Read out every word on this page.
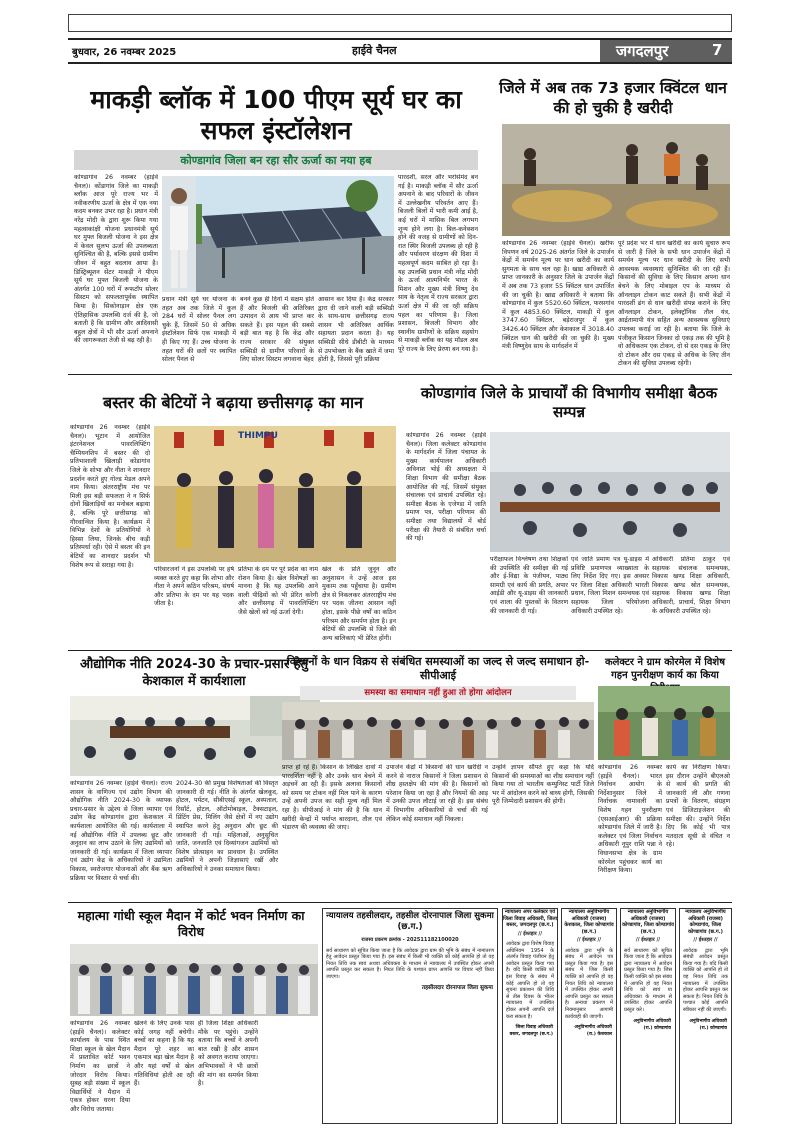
बुधवार, 26 नवम्बर 2025	हाईवे चैनल	जगदलपुर	7
माकड़ी ब्लॉक में 100 पीएम सूर्य घर का सफल इंस्टॉलेशन
कोण्डागांव जिला बन रहा सौर ऊर्जा का नया हब
कोण्डागांव 26 नवम्बर (हाईवे चैनल)। कोंडागांव जिले का माकड़ी ब्लॉक आज पूरे राज्य भर में नवीकरणीय ऊर्जा के क्षेत्र में एक नया कदम बनकर उभर रहा है। प्रधान मंत्री नरेंद्र मोदी के द्वारा शुरू किया गया महत्वाकांक्षी योजना प्रधानमंत्री सूर्य घर मुफ्त बिजली योजना ने इस क्षेत्र में केवल सुलभ ऊर्जा की उपलब्धता सुनिश्चित की है, बल्कि इससे ग्रामीण जीवन में बहुत बदलाव आया है। डिस्ट्रिब्यूशन सेंटर माकड़ी ने पीएम सूर्य घर मुफ्त बिजली योजना के अंतर्गत 100 घरों में रूफटॉप सोलर सिस्टम को सफलतापूर्वक स्थापित किया है। सिकोनाड़ान क्षेत्र एक ऐतिहासिक उपलब्धि दर्ज की है, जो बताती है कि ग्रामीण और आदिवासी बहुल क्षेत्रों में भी सौर ऊर्जा अपनाने की जागरूकता तेजी से बढ़ रही है।
प्रधान मंत्री सूर्य घर योजना के तहत अब तक जिले में कुल 284 घरों में सोलर पैनल लग चुके हैं, जिसमें 50 से अधिक इंस्टॉलेशन सिर्फ एक माकड़ी में ही किए गए हैं। उच्च योजना के तहत घरों की छतों पर स्थापित सोलर पैनल से
बनने कुछ ही दिनों में सक्षम होते हैं और बिजली की अतिरिक्त उत्पादन से आय भी प्राप्त कर सकते हैं। इस पहल की सबसे बड़ी बात यह है कि केंद्र और राज्य सरकार की संयुक्त सब्सिडी से ग्रामीण परिवारों के लिए सोलर सिस्टम लगवाना बेहद
आसान कर दिया है। केंद्र सरकार द्वारा दी जाने वाली बड़ी सब्सिडी के साथ-साथ छत्तीसगढ़ राज्य शासन भी अतिरिक्त आर्थिक सहायता प्रदान करता है। यह सब्सिडी सीधे डीबीटी के माध्यम से उपभोक्ता के बैंक खाते में जमा होती है, जिससे पूरी प्रक्रिया
पारदर्शी, सरल और भरोसेमंद बन गई है। माकड़ी ब्लॉक में सौर ऊर्जा अपनाने के बाद परिवारों के जीवन में उल्लेखनीय परिवर्तन आए हैं। बिजली बिलों में भारी कमी आई है, कई घरों में मासिक बिल लगभग शून्य होने लगा है। बिल-कनेक्शन होने की वजह से ग्रामीणों को दिन-रात स्थिर बिजली उपलब्ध हो रही है और पर्यावरण संरक्षण की दिशा में महत्वपूर्ण कदम साबित हो रहा है। यह उपलब्धि प्रधान मंत्री नरेंद्र मोदी के ऊर्जा आत्मनिर्भर भारत के मिशन और मुख्य मंत्री विष्णु देव साय के नेतृत्व में राज्य सरकार द्वारा ऊर्जा क्षेत्र में की जा रही सक्रिय पहल का परिणाम है। जिला प्रशासन, बिजली विभाग और स्थानीय ग्रामीणों के सक्रिय सहयोग से माकड़ी ब्लॉक का यह मॉडल अब पूरे राज्य के लिए प्रेरणा बन गया है।
जिले में अब तक 73 हजार क्विंटल धान की हो चुकी है खरीदी
कोण्डागांव 26 नवम्बर (हाईवे चैनल)। खरीफ विपणन वर्ष 2025-26 अंतर्गत जिले के उपार्जन केंद्रों में समर्थन मूल्य पर धान खरीदी का कार्य सुगमता के साथ चल रहा है। खाद्य अधिकारी से प्राप्त जानकारी के अनुसार जिले के उपार्जन केंद्रों में अब तक 73 हजार 55 क्विंटल धान उपार्जित की जा चुकी है। खाद्य अधिकारी ने बताया कि कोण्डागांव में कुल 5520.60 क्विंटल, फरसगांव में कुल 4853.60 क्विंटल, माकड़ी में कुल 3747.60 क्विंटल, बड़ेराजपुर में कुल 3426.40 क्विंटल और केशकाल में 3018.40 क्विंटल धान की खरीदी की जा चुकी है। मुख्य मंत्री विष्णुदेव साय के मार्गदर्शन में
पूरे प्रदेश भर में धान खरीदी का कार्य सुचारु रूप से जारी है जिले के सभी धान उपार्जन केंद्रों में समर्थन मूल्य पर धान खरीदी के लिए सभी आवश्यक व्यवस्थाएं सुनिश्चित की जा रही हैं। किसानों की सुविधा के लिए किसान अपना धान बेचने के लिए मोबाइल एप के माध्यम से ऑनलाइन टोकन काट सकते हैं। सभी केंद्रों में पारदर्शी ढंग से धान खरीदी संपन्न कराने के लिए ऑनलाइन टोकन, इलेक्ट्रॉनिक तौल यंत्र, आर्द्रतामापी यंत्र सहित अन्य आवश्यक सुविधाएं उपलब्ध कराई जा रही है। बताया कि जिले के पंजीकृत किसान जिनका दो एकड़ तक की भूमि है वो अधिकतम एक टोकन, दो से दस एकड़ के लिए दो टोकन और दस एकड़ से अधिक के लिए तीन टोकन की सुविधा उपलब्ध रहेगी।
बस्तर की बेटियों ने बढ़ाया छत्तीसगढ़ का मान
कोण्डागांव 26 नवम्बर (हाईवे चैनल)। भूटान में आयोजित इंटरनेशनल पावरलिफ्टिंग चैम्पियनशिप में बस्तर की दो प्रतिभाशाली खिलाड़ी कोंडागांव जिले के शोभा और नीता ने शानदार प्रदर्शन करते हुए गोल्ड मेडल अपने नाम किया। अंतरराष्ट्रीय मंच पर मिली इस बड़ी सफलता ने न सिर्फ दोनों खिलाड़ियों का मनोबल बढ़ाया है, बल्कि पूरे छत्तीसगढ़ को गौरवान्वित किया है। कार्यक्रम में विभिन्न देशों के प्रतियोगियों ने हिस्सा लिया, जिनके बीच कड़ी प्रतिस्पर्धा रही। ऐसे में बस्तर की इन बेटियों का शानदार प्रदर्शन भी विशेष रूप से सराहा गया है।
THIMPU
खेल के प्रति जुनून और अनुशासन ने उन्हें आज इस मुकाम तक पहुँचाया है। ग्रामीण क्षेत्र से निकलकर अंतरराष्ट्रीय मंच पर पदक जीतना आसान नहीं होता, इसके पीछे वर्षों का कठिन परिश्रम और समर्पण होता है। इन बेटियों की उपलब्धि से जिले की अन्य बालिकाएं भी प्रेरित होंगी।
परिवारजनों ने इस उपलब्धि पर हर्ष व्यक्त करते हुए कहा कि शोभा और नीता ने अपने कठिन परिश्रम, संघर्ष और प्रतिभा के दम पर यह पदक जीता है।
प्रतिभा के दम पर पूरे प्रदेश का नाम रोशन किया है। खेल विशेषज्ञों का मानना है कि यह उपलब्धि आने वाली पीढ़ियों को भी प्रेरित करेगी और छत्तीसगढ़ में पावरलिफ्टिंग जैसे खेलों को नई ऊर्जा देगी।
कोण्डागांव जिले के प्राचार्यों की विभागीय समीक्षा बैठक सम्पन्न
कोण्डागांव 26 नवम्बर (हाईवे चैनल)। जिला कलेक्टर कोण्डागांव के मार्गदर्शन में जिला पंचायत के मुख्य कार्यपालन अधिकारी अविनाश भोई की अध्यक्षता में शिक्षा विभाग की समीक्षा बैठक आयोजित की गई, जिसमें संयुक्त संचालक एवं प्राचार्य उपस्थित रहे। समीक्षा बैठक के एजेण्डा में जाति प्रमाण पत्र, परीक्षा परिणाम की समीक्षा तथा विद्यालयों में बोर्ड परीक्षा की तैयारी से संबंधित चर्चा की गई।
परीक्षाफल विश्लेषण तथा शिक्षकों की उपस्थिति की समीक्षा की गई और ई-विद्या के पंजीयन, पाठ्य सामग्री एवं कार्य की प्रगति, अपार आईडी और यू-डाइस की जानकारी एवं शाला की पुस्तकों के वितरण की जानकारी दी गई।
एवं जाति प्रमाण पत्र यू-डाइस में प्रविष्टि प्रमाणपत्र व्याख्याता के लिए निर्देश दिए गए। इस अवसर पर जिला शिक्षा अधिकारी भारती प्रधान, जिला मिशन समन्वयक एवं सहायक जिला परियोजना अधिकारी उपस्थित रहे।
अधिकारी प्रतिमा ठाकुर एवं सहायक संचालक समन्वयक, विकास खण्ड शिक्षा अधिकारी, विकास खण्ड स्रोत समन्वयक, सहायक विकास खण्ड शिक्षा अधिकारी, प्राचार्य, शिक्षा विभाग के अधिकारी उपस्थित रहे।
औद्योगिक नीति 2024-30 के प्रचार-प्रसार हेतु केशकाल में कार्यशाला
कोण्डागांव 26 नवम्बर (हाईवे चैनल)। राज्य शासन के वाणिज्य एवं उद्योग विभाग की औद्योगिक नीति 2024-30 के व्यापक प्रचार-प्रसार के उद्देश्य से जिला व्यापार एवं उद्योग केंद्र कोण्डागांव द्वारा केशकाल में कार्यशाला आयोजित की गई। कार्यशाला में नई औद्योगिक नीति में उपलब्ध छूट और अनुदान का लाभ उठाने के लिए उद्यमियों को जानकारी दी गई। कार्यक्रम में जिला व्यापार एवं उद्योग केंद्र के अधिकारियों ने उद्यमिता विकास, स्वरोजगार योजनाओं और बैंक ऋण प्रक्रिया पर विस्तार से चर्चा की।
2024-30 की प्रमुख विशेषताओं की विस्तृत जानकारी दी गई। नीति के अंतर्गत खेलकूद, होटल, पर्यटन, सीबीएसई स्कूल, अस्पताल, रिसॉर्ट, होटल, ऑटोमोबाइल, टैक्सटाइल, प्रिंटिंग प्रेस, मिलिंग जैसे क्षेत्रों में नए उद्योग स्थापित करने हेतु अनुदान और छूट की जानकारी दी गई। महिलाओं, अनुसूचित जाति, जनजाति एवं दिव्यांगजन उद्यमियों को विशेष प्रोत्साहन का प्रावधान है। उपस्थित उद्यमियों ने अपनी जिज्ञासाएं रखीं और अधिकारियों ने उनका समाधान किया।
किसानों के धान विक्रय से संबंधित समस्याओं का जल्द से जल्द समाधान हो-सीपीआई
समस्या का समाधान नहीं हुआ तो होगा आंदोलन
प्राप्त हो रहे हैं। किसान के लिखित दावों में पारदर्शिता नहीं है और उनके धान बेचने में अड़चनें आ रही हैं। इसके अलावा किसानों को समय पर टोकन नहीं मिल पाने के कारण उन्हें अपनी उपज का सही मूल्य नहीं मिल रहा है। सीपीआई ने मांग की है कि धान खरीदी केन्द्रों में पर्याप्त बारदाना, तौल एवं भंडारण की व्यवस्था की जाए।
उपार्जन केंद्रों में किसानों की धान खरीदी न करने से नाराज किसानों ने जिला प्रशासन से शीघ्र हस्तक्षेप की मांग की है। किसानों को परेशान किया जा रहा है और नियमों की आड़ में उनकी उपज लौटाई जा रही है। इस संबंध में विभागीय अधिकारियों से चर्चा की गई लेकिन कोई समाधान नहीं निकला।
उन्होंने ज्ञापन सौंपते हुए कहा कि यदि किसानों की समस्याओं का शीघ्र समाधान नहीं किया गया तो भारतीय कम्युनिस्ट पार्टी जिले भर में आंदोलन करने को बाध्य होगी, जिसकी पूरी जिम्मेदारी प्रशासन की होगी।
कलेक्टर ने ग्राम कोरमेल में विशेष गहन पुनरीक्षण कार्य का किया
कोण्डागांव 26 नवम्बर (हाईवे चैनल)। भारत निर्वाचन आयोग के निर्देशानुसार जिले में निर्वाचक नामावली का विशेष गहन पुनरीक्षण (एसआईआर) की प्रक्रिया कोण्डागांव जिले में जारी है। कलेक्टर एवं जिला निर्वाचन अधिकारी नूपुर राशि पन्ना ने विधानसभा क्षेत्र के ग्राम कोरमेल पहुंचकर कार्य का निरीक्षण किया।
कार्य का निरीक्षण किया। इस दौरान उन्होंने बीएलओ से कार्य की प्रगति की जानकारी ली और गणना प्रपत्रों के वितरण, संग्रहण एवं डिजिटाइजेशन की समीक्षा की। उन्होंने निर्देश दिए कि कोई भी पात्र मतदाता सूची से वंचित न रहे।
महात्मा गांधी स्कूल मैदान में कोर्ट भवन निर्माण का विरोध
कोण्डागांव 26 नवम्बर (हाईवे चैनल)। कलेक्टर कार्यालय के पास स्थित शिक्षा स्कूल के खेल मैदान में प्रस्तावित कोर्ट भवन निर्माण का छात्रों ने जोरदार विरोध किया। सुबह बड़ी संख्या में स्कूल विद्यार्थियों ने मैदान में एकत्र होकर धरना दिया और विरोध जताया।
खेलने के लिए उनके पास कोई जगह नहीं बचेगी। बच्चों का कहना है कि यह मैदान पूरे शहर का एकमात्र बड़ा खेल मैदान है और यहां वर्षों से खेल गतिविधियां होती आ रही हैं।
ही जिला शिक्षा अधिकारी मौके पर पहुंचे। उन्होंने बताया कि बच्चों ने अपनी बात रखी है और शासन को अवगत कराया जाएगा। अभिभावकों ने भी छात्रों की मांग का समर्थन किया है।
न्यायालय तहसीलदार, तहसील दोरनापाल जिला सुकमा (छ.ग.)
राजस्व प्रकरण क्रमांक - 202511182100020
सर्व साधारण को सूचित किया जाता है कि आवेदक द्वारा ग्राम की भूमि के संबंध में नामांतरण हेतु आवेदन प्रस्तुत किया गया है। इस संबंध में किसी भी व्यक्ति को कोई आपत्ति हो तो वह नियत तिथि तक स्वयं अथवा अधिवक्ता के माध्यम से न्यायालय में उपस्थित होकर अपनी आपत्ति प्रस्तुत कर सकता है। नियत तिथि के पश्चात प्राप्त आपत्ति पर विचार नहीं किया जाएगा।
तहसीलदार दोरनापाल जिला सुकमा
न्यायालय अपर कलेक्टर एवं जिला विवाह अधिकारी, जिला बस्तर, जगदलपुर (छ.ग.)
// ईश्तहार //
आवेदक द्वारा विशेष विवाह अधिनियम 1954 के अंतर्गत विवाह पंजीयन हेतु आवेदन प्रस्तुत किया गया है। यदि किसी व्यक्ति को इस विवाह के संबंध में कोई आपत्ति हो तो वह सूचना प्रकाशन की तिथि से तीस दिवस के भीतर न्यायालय में उपस्थित होकर अपनी आपत्ति दर्ज करा सकता है।
जिला विवाह अधिकारी बस्तर, जगदलपुर (छ.ग.)
न्यायालय अनुविभागीय अधिकारी (राजस्व) केशकाल, जिला कोण्डागांव (छ.ग.)
// ईश्तहार //
आवेदक द्वारा भूमि के संबंध में आवेदन पत्र प्रस्तुत किया गया है। इस संबंध में जिस किसी व्यक्ति को आपत्ति हो वह नियत तिथि को न्यायालय में उपस्थित होकर अपनी आपत्ति प्रस्तुत कर सकता है। अन्यथा प्रकरण में नियमानुसार आगामी कार्यवाही की जाएगी।
अनुविभागीय अधिकारी (रा.) केशकाल
न्यायालय अनुविभागीय अधिकारी (राजस्व) कोण्डागांव, जिला कोण्डागांव (छ.ग.)
// ईश्तहार //
सर्व साधारण को सूचित किया जाता है कि आवेदक द्वारा न्यायालय में आवेदन प्रस्तुत किया गया है। जिस किसी व्यक्ति को इस संबंध में आपत्ति हो वह नियत तिथि को स्वयं या अधिवक्ता के माध्यम से उपस्थित होकर आपत्ति प्रस्तुत करे।
अनुविभागीय अधिकारी (रा.) कोण्डागांव
न्यायालय अनुविभागीय अधिकारी (राजस्व) कोण्डागांव, जिला कोण्डागांव (छ.ग.)
// ईश्तहार //
आवेदक द्वारा भूमि संबंधी आवेदन प्रस्तुत किया गया है। यदि किसी व्यक्ति को आपत्ति हो तो वह नियत तिथि तक न्यायालय में उपस्थित होकर आपत्ति प्रस्तुत कर सकता है। नियत तिथि के पश्चात कोई आपत्ति स्वीकार नहीं की जाएगी।
अनुविभागीय अधिकारी (रा.) कोण्डागांव
